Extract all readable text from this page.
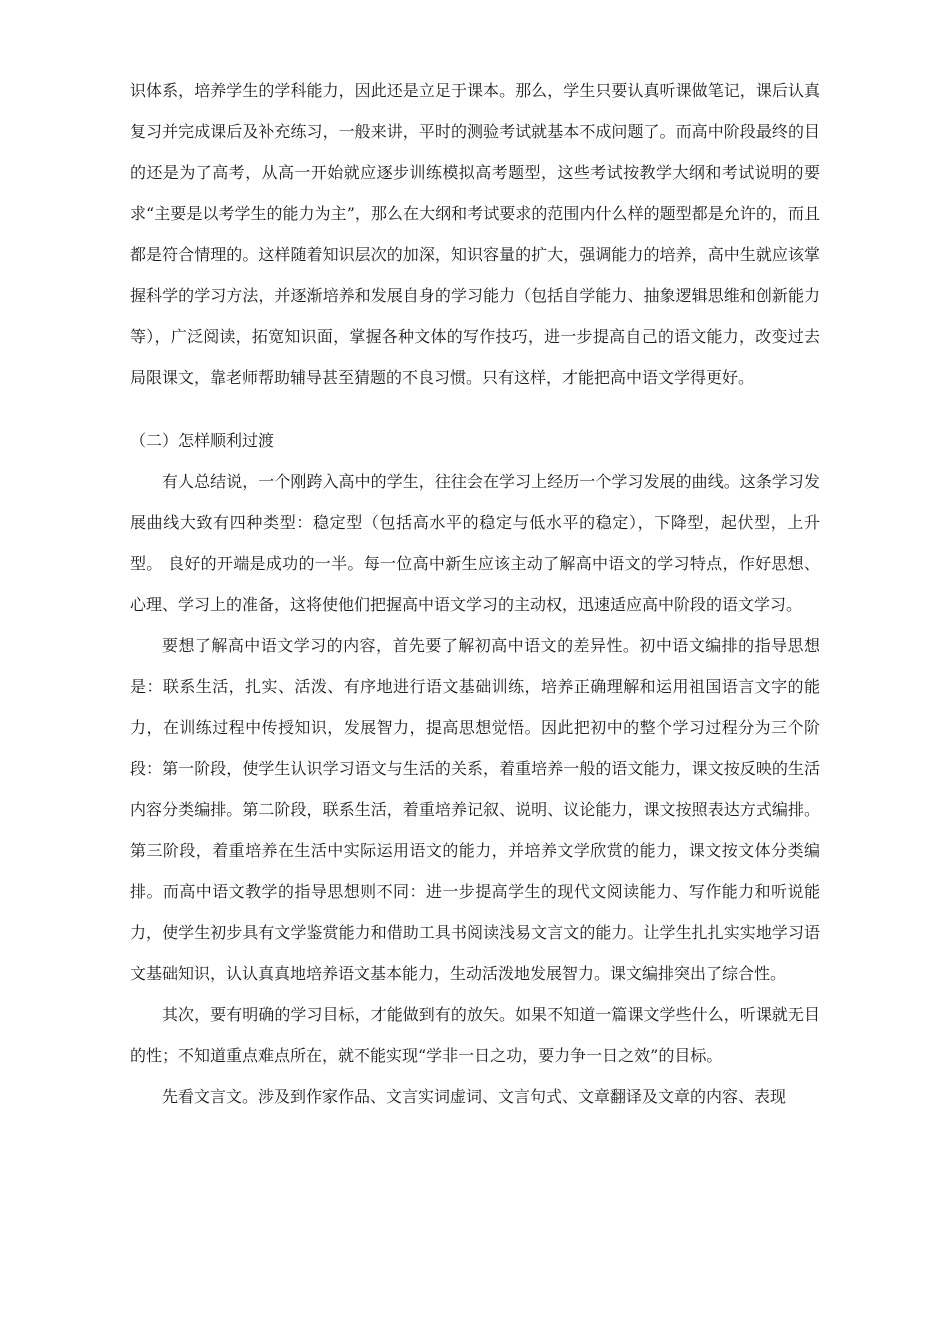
识体系，培养学生的学科能力，因此还是立足于课本。那么，学生只要认真听课做笔记，课后认真复习并完成课后及补充练习，一般来讲，平时的测验考试就基本不成问题了。而高中阶段最终的目的还是为了高考，从高一开始就应逐步训练模拟高考题型，这些考试按教学大纲和考试说明的要求“主要是以考学生的能力为主”，那么在大纲和考试要求的范围内什么样的题型都是允许的，而且都是符合情理的。这样随着知识层次的加深，知识容量的扩大，强调能力的培养，高中生就应该掌握科学的学习方法，并逐渐培养和发展自身的学习能力（包括自学能力、抽象逻辑思维和创新能力等），广泛阅读，拓宽知识面，掌握各种文体的写作技巧，进一步提高自己的语文能力，改变过去局限课文，靠老师帮助辅导甚至猜题的不良习惯。只有这样，才能把高中语文学得更好。

（二）怎样顺利过渡

有人总结说，一个刚跨入高中的学生，往往会在学习上经历一个学习发展的曲线。这条学习发展曲线大致有四种类型：稳定型（包括高水平的稳定与低水平的稳定），下降型，起伏型，上升型。 良好的开端是成功的一半。每一位高中新生应该主动了解高中语文的学习特点，作好思想、心理、学习上的准备，这将使他们把握高中语文学习的主动权，迅速适应高中阶段的语文学习。

要想了解高中语文学习的内容，首先要了解初高中语文的差异性。初中语文编排的指导思想是：联系生活，扎实、活泼、有序地进行语文基础训练，培养正确理解和运用祖国语言文字的能力，在训练过程中传授知识，发展智力，提高思想觉悟。因此把初中的整个学习过程分为三个阶段：第一阶段，使学生认识学习语文与生活的关系，着重培养一般的语文能力，课文按反映的生活内容分类编排。第二阶段，联系生活，着重培养记叙、说明、议论能力，课文按照表达方式编排。第三阶段，着重培养在生活中实际运用语文的能力，并培养文学欣赏的能力，课文按文体分类编排。而高中语文教学的指导思想则不同：进一步提高学生的现代文阅读能力、写作能力和听说能力，使学生初步具有文学鉴赏能力和借助工具书阅读浅易文言文的能力。让学生扎扎实实地学习语文基础知识，认认真真地培养语文基本能力，生动活泼地发展智力。课文编排突出了综合性。

其次，要有明确的学习目标，才能做到有的放矢。如果不知道一篇课文学些什么，听课就无目的性；不知道重点难点所在，就不能实现“学非一日之功，要力争一日之效”的目标。

先看文言文。涉及到作家作品、文言实词虚词、文言句式、文章翻译及文章的内容、表现
